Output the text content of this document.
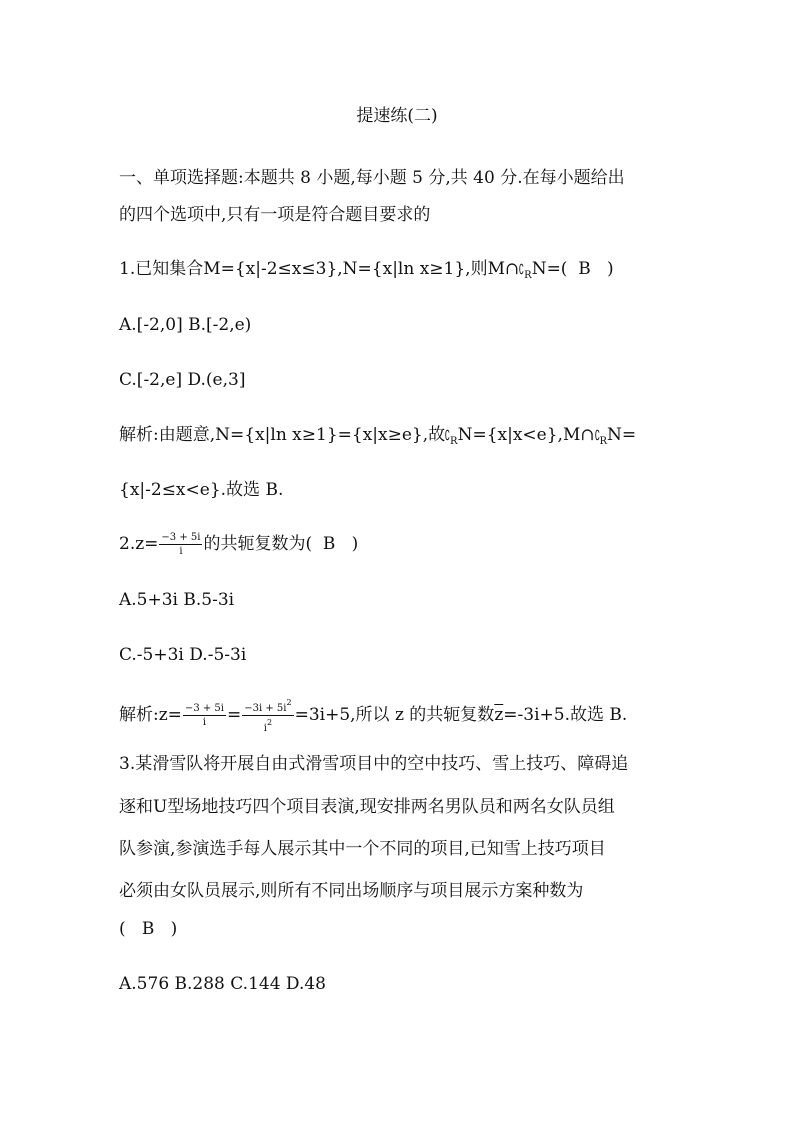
提速练(二)
一、单项选择题:本题共 8 小题,每小题 5 分,共 40 分.在每小题给出
的四个选项中,只有一项是符合题目要求的
1.已知集合M={x|-2≤x≤3},N={x|ln x≥1},则$M\cap∁_RN=$( B )
A.[-2,0] B.[-2,e)
C.[-2,e] D.(e,3]
解析:由题意,N={x|ln x≥1}={x|x≥e},故$∁_RN=\{x|x<e\},M\cap∁_RN=$
{x|-2≤x<e}.故选 B.
$2.z= \frac{-3 + 5i}{i}$ 的共轭复数为( B )
A.5+3i B.5-3i
C.-5+3i D.-5-3i
解析:z= $\frac{-3 + 5i}{i} = \frac{-3i + 5i^2}{i^2} =3i+5$,所以 z 的共轭复数$\overline{z}=-3i+5$.故选 B.
3.某滑雪队将开展自由式滑雪项目中的空中技巧、雪上技巧、障碍追
逐和U型场地技巧四个项目表演,现安排两名男队员和两名女队员组
队参演,参演选手每人展示其中一个不同的项目,已知雪上技巧项目
必须由女队员展示,则所有不同出场顺序与项目展示方案种数为
( B )
A.576 B.288 C.144 D.48
